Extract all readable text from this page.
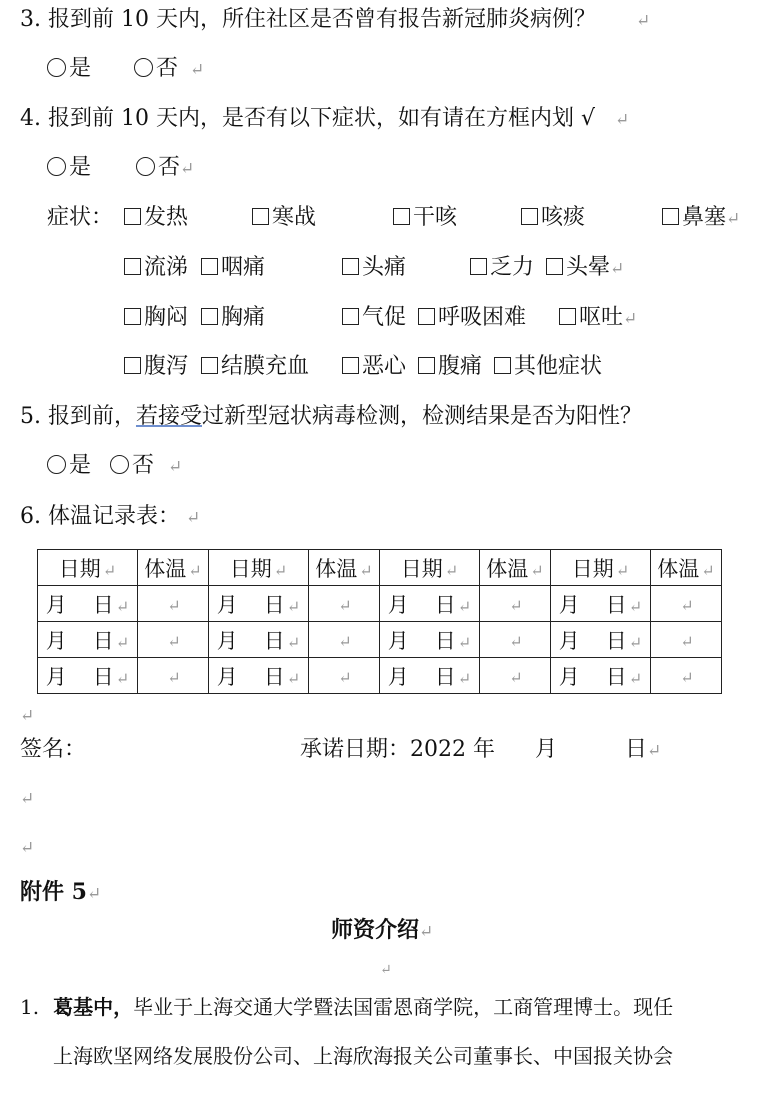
3. 报到前 10 天内，所住社区是否曾有报告新冠肺炎病例？ ↵
是	否 ↵
4. 报到前 10 天内，是否有以下症状，如有请在方框内划 √ ↵
是	否↵
症状：	发热	寒战	干咳	咳痰	鼻塞↵
流涕	咽痛	头痛	乏力	头晕↵
胸闷	胸痛	气促	呼吸困难	呕吐↵
腹泻	结膜充血	恶心	腹痛	其他症状
5. 报到前，若接受过新型冠状病毒检测，检测结果是否为阳性？
是 否 ↵
6. 体温记录表： ↵
日期 ↵	体温 ↵	日期 ↵	体温 ↵	日期 ↵	体温 ↵	日期 ↵	体温 ↵
月 日 ↵	↵	月 日 ↵	↵	月 日 ↵	↵	月 日 ↵	↵
月 日 ↵	↵	月 日 ↵	↵	月 日 ↵	↵	月 日 ↵	↵
月 日 ↵	↵	月 日 ↵	↵	月 日 ↵	↵	月 日 ↵	↵
↵
签名：	承诺日期：2022 年 月	日↵
↵
↵
附件 5↵
师资介绍↵
↵
1. 葛基中，毕业于上海交通大学暨法国雷恩商学院，工商管理博士。现任
上海欧坚网络发展股份公司、上海欣海报关公司董事长、中国报关协会
